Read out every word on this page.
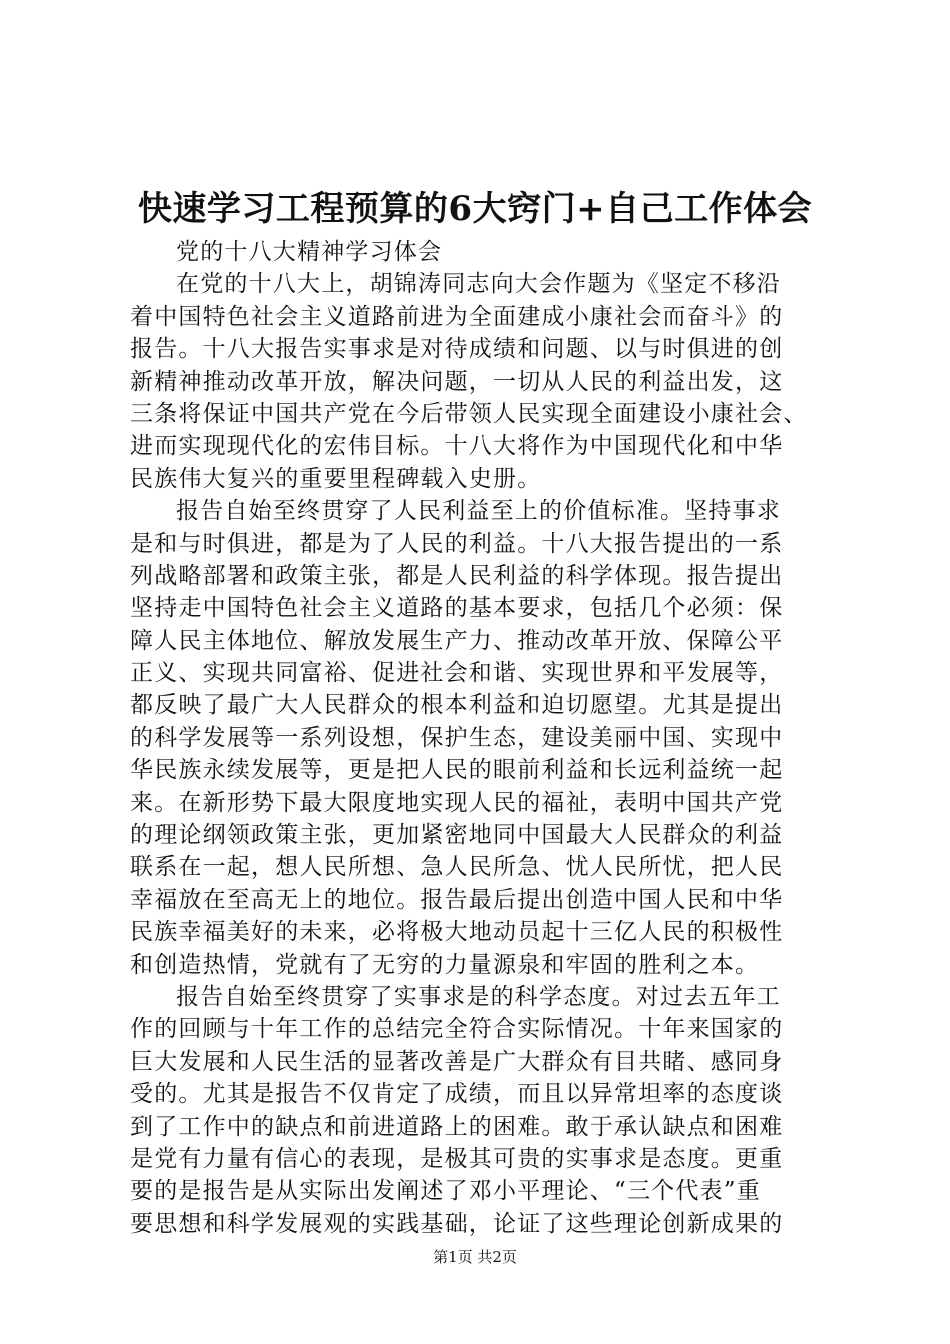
快速学习工程预算的6大窍门+自己工作体会
党的十八大精神学习体会
在党的十八大上，胡锦涛同志向大会作题为《坚定不移沿
着中国特色社会主义道路前进为全面建成小康社会而奋斗》的
报告。十八大报告实事求是对待成绩和问题、以与时俱进的创
新精神推动改革开放，解决问题，一切从人民的利益出发，这
三条将保证中国共产党在今后带领人民实现全面建设小康社会、
进而实现现代化的宏伟目标。十八大将作为中国现代化和中华
民族伟大复兴的重要里程碑载入史册。
报告自始至终贯穿了人民利益至上的价值标准。坚持事求
是和与时俱进，都是为了人民的利益。十八大报告提出的一系
列战略部署和政策主张，都是人民利益的科学体现。报告提出
坚持走中国特色社会主义道路的基本要求，包括几个必须：保
障人民主体地位、解放发展生产力、推动改革开放、保障公平
正义、实现共同富裕、促进社会和谐、实现世界和平发展等，
都反映了最广大人民群众的根本利益和迫切愿望。尤其是提出
的科学发展等一系列设想，保护生态，建设美丽中国、实现中
华民族永续发展等，更是把人民的眼前利益和长远利益统一起
来。在新形势下最大限度地实现人民的福祉，表明中国共产党
的理论纲领政策主张，更加紧密地同中国最大人民群众的利益
联系在一起，想人民所想、急人民所急、忧人民所忧，把人民
幸福放在至高无上的地位。报告最后提出创造中国人民和中华
民族幸福美好的未来，必将极大地动员起十三亿人民的积极性
和创造热情，党就有了无穷的力量源泉和牢固的胜利之本。
报告自始至终贯穿了实事求是的科学态度。对过去五年工
作的回顾与十年工作的总结完全符合实际情况。十年来国家的
巨大发展和人民生活的显著改善是广大群众有目共睹、感同身
受的。尤其是报告不仅肯定了成绩，而且以异常坦率的态度谈
到了工作中的缺点和前进道路上的困难。敢于承认缺点和困难
是党有力量有信心的表现，是极其可贵的实事求是态度。更重
要的是报告是从实际出发阐述了邓小平理论、“三个代表”重
要思想和科学发展观的实践基础，论证了这些理论创新成果的
第1页 共2页
